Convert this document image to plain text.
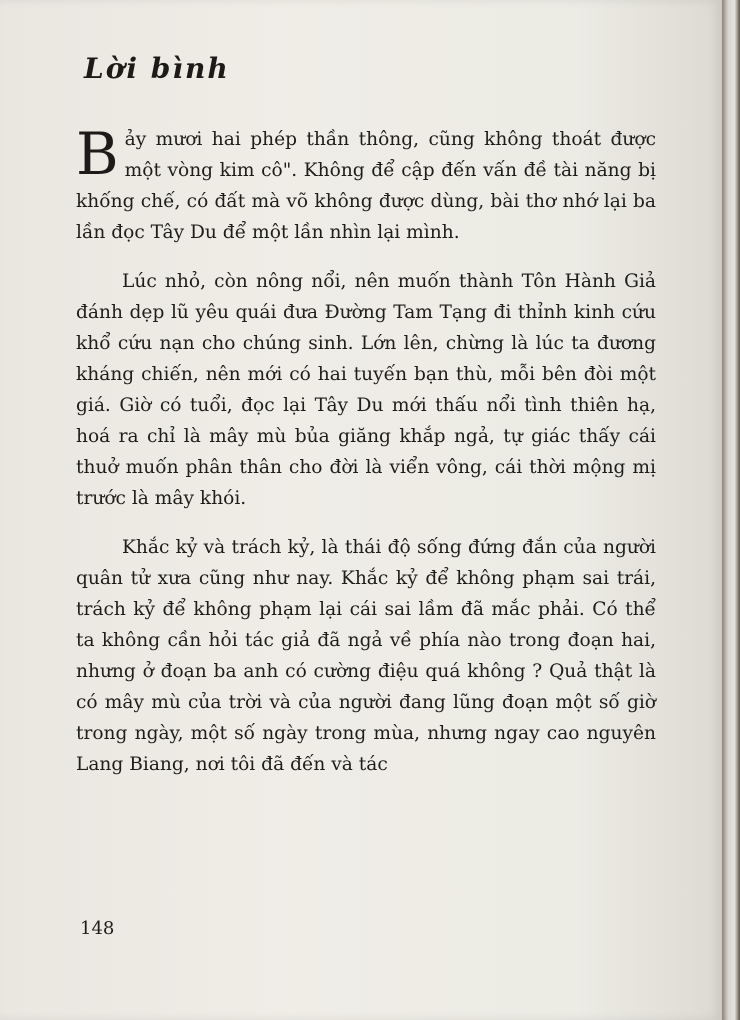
Lời bình

Bảy mươi hai phép thần thông, cũng không thoát được một vòng kim cô". Không để cập đến vấn đề tài năng bị khống chế, có đất mà võ không được dùng, bài thơ nhớ lại ba lần đọc Tây Du để một lần nhìn lại mình.

Lúc nhỏ, còn nông nổi, nên muốn thành Tôn Hành Giả đánh dẹp lũ yêu quái đưa Đường Tam Tạng đi thỉnh kinh cứu khổ cứu nạn cho chúng sinh. Lớn lên, chừng là lúc ta đương kháng chiến, nên mới có hai tuyến bạn thù, mỗi bên đòi một giá. Giờ có tuổi, đọc lại Tây Du mới thấu nổi tình thiên hạ, hoá ra chỉ là mây mù bủa giăng khắp ngả, tự giác thấy cái thuở muốn phân thân cho đời là viển vông, cái thời mộng mị trước là mây khói.

Khắc kỷ và trách kỷ, là thái độ sống đứng đắn của người quân tử xưa cũng như nay. Khắc kỷ để không phạm sai trái, trách kỷ để không phạm lại cái sai lầm đã mắc phải. Có thể ta không cần hỏi tác giả đã ngả về phía nào trong đoạn hai, nhưng ở đoạn ba anh có cường điệu quá không ? Quả thật là có mây mù của trời và của người đang lũng đoạn một số giờ trong ngày, một số ngày trong mùa, nhưng ngay cao nguyên Lang Biang, nơi tôi đã đến và tác

148
